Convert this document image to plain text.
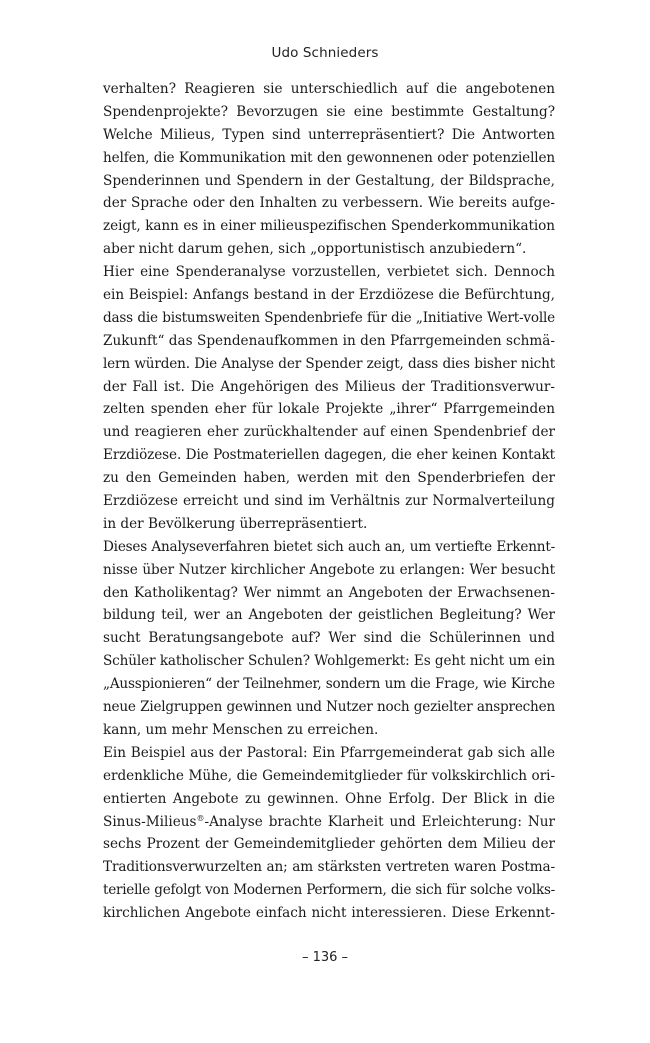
Udo Schnieders
verhalten? Reagieren sie unterschiedlich auf die angebotenen
Spendenprojekte? Bevorzugen sie eine bestimmte Gestaltung?
Welche Milieus, Typen sind unterrepräsentiert? Die Antworten
helfen, die Kommunikation mit den gewonnenen oder potenziellen
Spenderinnen und Spendern in der Gestaltung, der Bildsprache,
der Sprache oder den Inhalten zu verbessern. Wie bereits aufge-
zeigt, kann es in einer milieuspezifischen Spenderkommunikation
aber nicht darum gehen, sich „opportunistisch anzubiedern“.
Hier eine Spenderanalyse vorzustellen, verbietet sich. Dennoch
ein Beispiel: Anfangs bestand in der Erzdiözese die Befürchtung,
dass die bistumsweiten Spendenbriefe für die „Initiative Wert-volle
Zukunft“ das Spendenaufkommen in den Pfarrgemeinden schmä-
lern würden. Die Analyse der Spender zeigt, dass dies bisher nicht
der Fall ist. Die Angehörigen des Milieus der Traditionsverwur-
zelten spenden eher für lokale Projekte „ihrer“ Pfarrgemeinden
und reagieren eher zurückhaltender auf einen Spendenbrief der
Erzdiözese. Die Postmateriellen dagegen, die eher keinen Kontakt
zu den Gemeinden haben, werden mit den Spenderbriefen der
Erzdiözese erreicht und sind im Verhältnis zur Normalverteilung
in der Bevölkerung überrepräsentiert.
Dieses Analyseverfahren bietet sich auch an, um vertiefte Erkennt-
nisse über Nutzer kirchlicher Angebote zu erlangen: Wer besucht
den Katholikentag? Wer nimmt an Angeboten der Erwachsenen-
bildung teil, wer an Angeboten der geistlichen Begleitung? Wer
sucht Beratungsangebote auf? Wer sind die Schülerinnen und
Schüler katholischer Schulen? Wohlgemerkt: Es geht nicht um ein
„Ausspionieren“ der Teilnehmer, sondern um die Frage, wie Kirche
neue Zielgruppen gewinnen und Nutzer noch gezielter ansprechen
kann, um mehr Menschen zu erreichen.
Ein Beispiel aus der Pastoral: Ein Pfarrgemeinderat gab sich alle
erdenkliche Mühe, die Gemeindemitglieder für volkskirchlich ori-
entierten Angebote zu gewinnen. Ohne Erfolg. Der Blick in die
Sinus-Milieus®-Analyse brachte Klarheit und Erleichterung: Nur
sechs Prozent der Gemeindemitglieder gehörten dem Milieu der
Traditionsverwurzelten an; am stärksten vertreten waren Postma-
terielle gefolgt von Modernen Performern, die sich für solche volks-
kirchlichen Angebote einfach nicht interessieren. Diese Erkennt-
– 136 –
